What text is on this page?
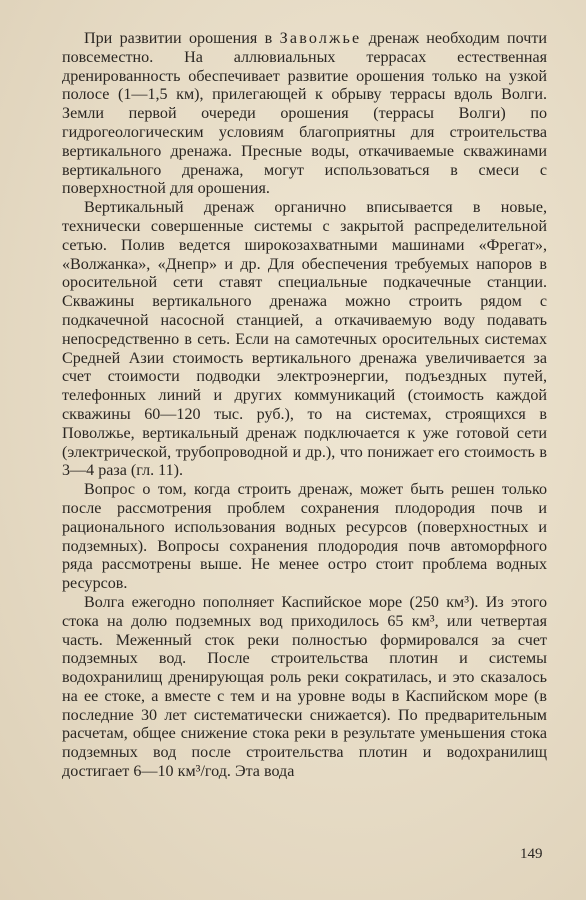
При развитии орошения в Заволжье дренаж необходим почти повсеместно. На аллювиальных террасах естественная дренированность обеспечивает развитие орошения только на узкой полосе (1—1,5 км), прилегающей к обрыву террасы вдоль Волги. Земли первой очереди орошения (террасы Волги) по гидрогеологическим условиям благоприятны для строительства вертикального дренажа. Пресные воды, откачиваемые скважинами вертикального дренажа, могут использоваться в смеси с поверхностной для орошения.

Вертикальный дренаж органично вписывается в новые, технически совершенные системы с закрытой распределительной сетью. Полив ведется широкозахватными машинами «Фрегат», «Волжанка», «Днепр» и др. Для обеспечения требуемых напоров в оросительной сети ставят специальные подкачечные станции. Скважины вертикального дренажа можно строить рядом с подкачечной насосной станцией, а откачиваемую воду подавать непосредственно в сеть. Если на самотечных оросительных системах Средней Азии стоимость вертикального дренажа увеличивается за счет стоимости подводки электроэнергии, подъездных путей, телефонных линий и других коммуникаций (стоимость каждой скважины 60—120 тыс. руб.), то на системах, строящихся в Поволжье, вертикальный дренаж подключается к уже готовой сети (электрической, трубопроводной и др.), что понижает его стоимость в 3—4 раза (гл. 11).

Вопрос о том, когда строить дренаж, может быть решен только после рассмотрения проблем сохранения плодородия почв и рационального использования водных ресурсов (поверхностных и подземных). Вопросы сохранения плодородия почв автоморфного ряда рассмотрены выше. Не менее остро стоит проблема водных ресурсов.

Волга ежегодно пополняет Каспийское море (250 км³). Из этого стока на долю подземных вод приходилось 65 км³, или четвертая часть. Меженный сток реки полностью формировался за счет подземных вод. После строительства плотин и системы водохранилищ дренирующая роль реки сократилась, и это сказалось на ее стоке, а вместе с тем и на уровне воды в Каспийском море (в последние 30 лет систематически снижается). По предварительным расчетам, общее снижение стока реки в результате уменьшения стока подземных вод после строительства плотин и водохранилищ достигает 6—10 км³/год. Эта вода

149
